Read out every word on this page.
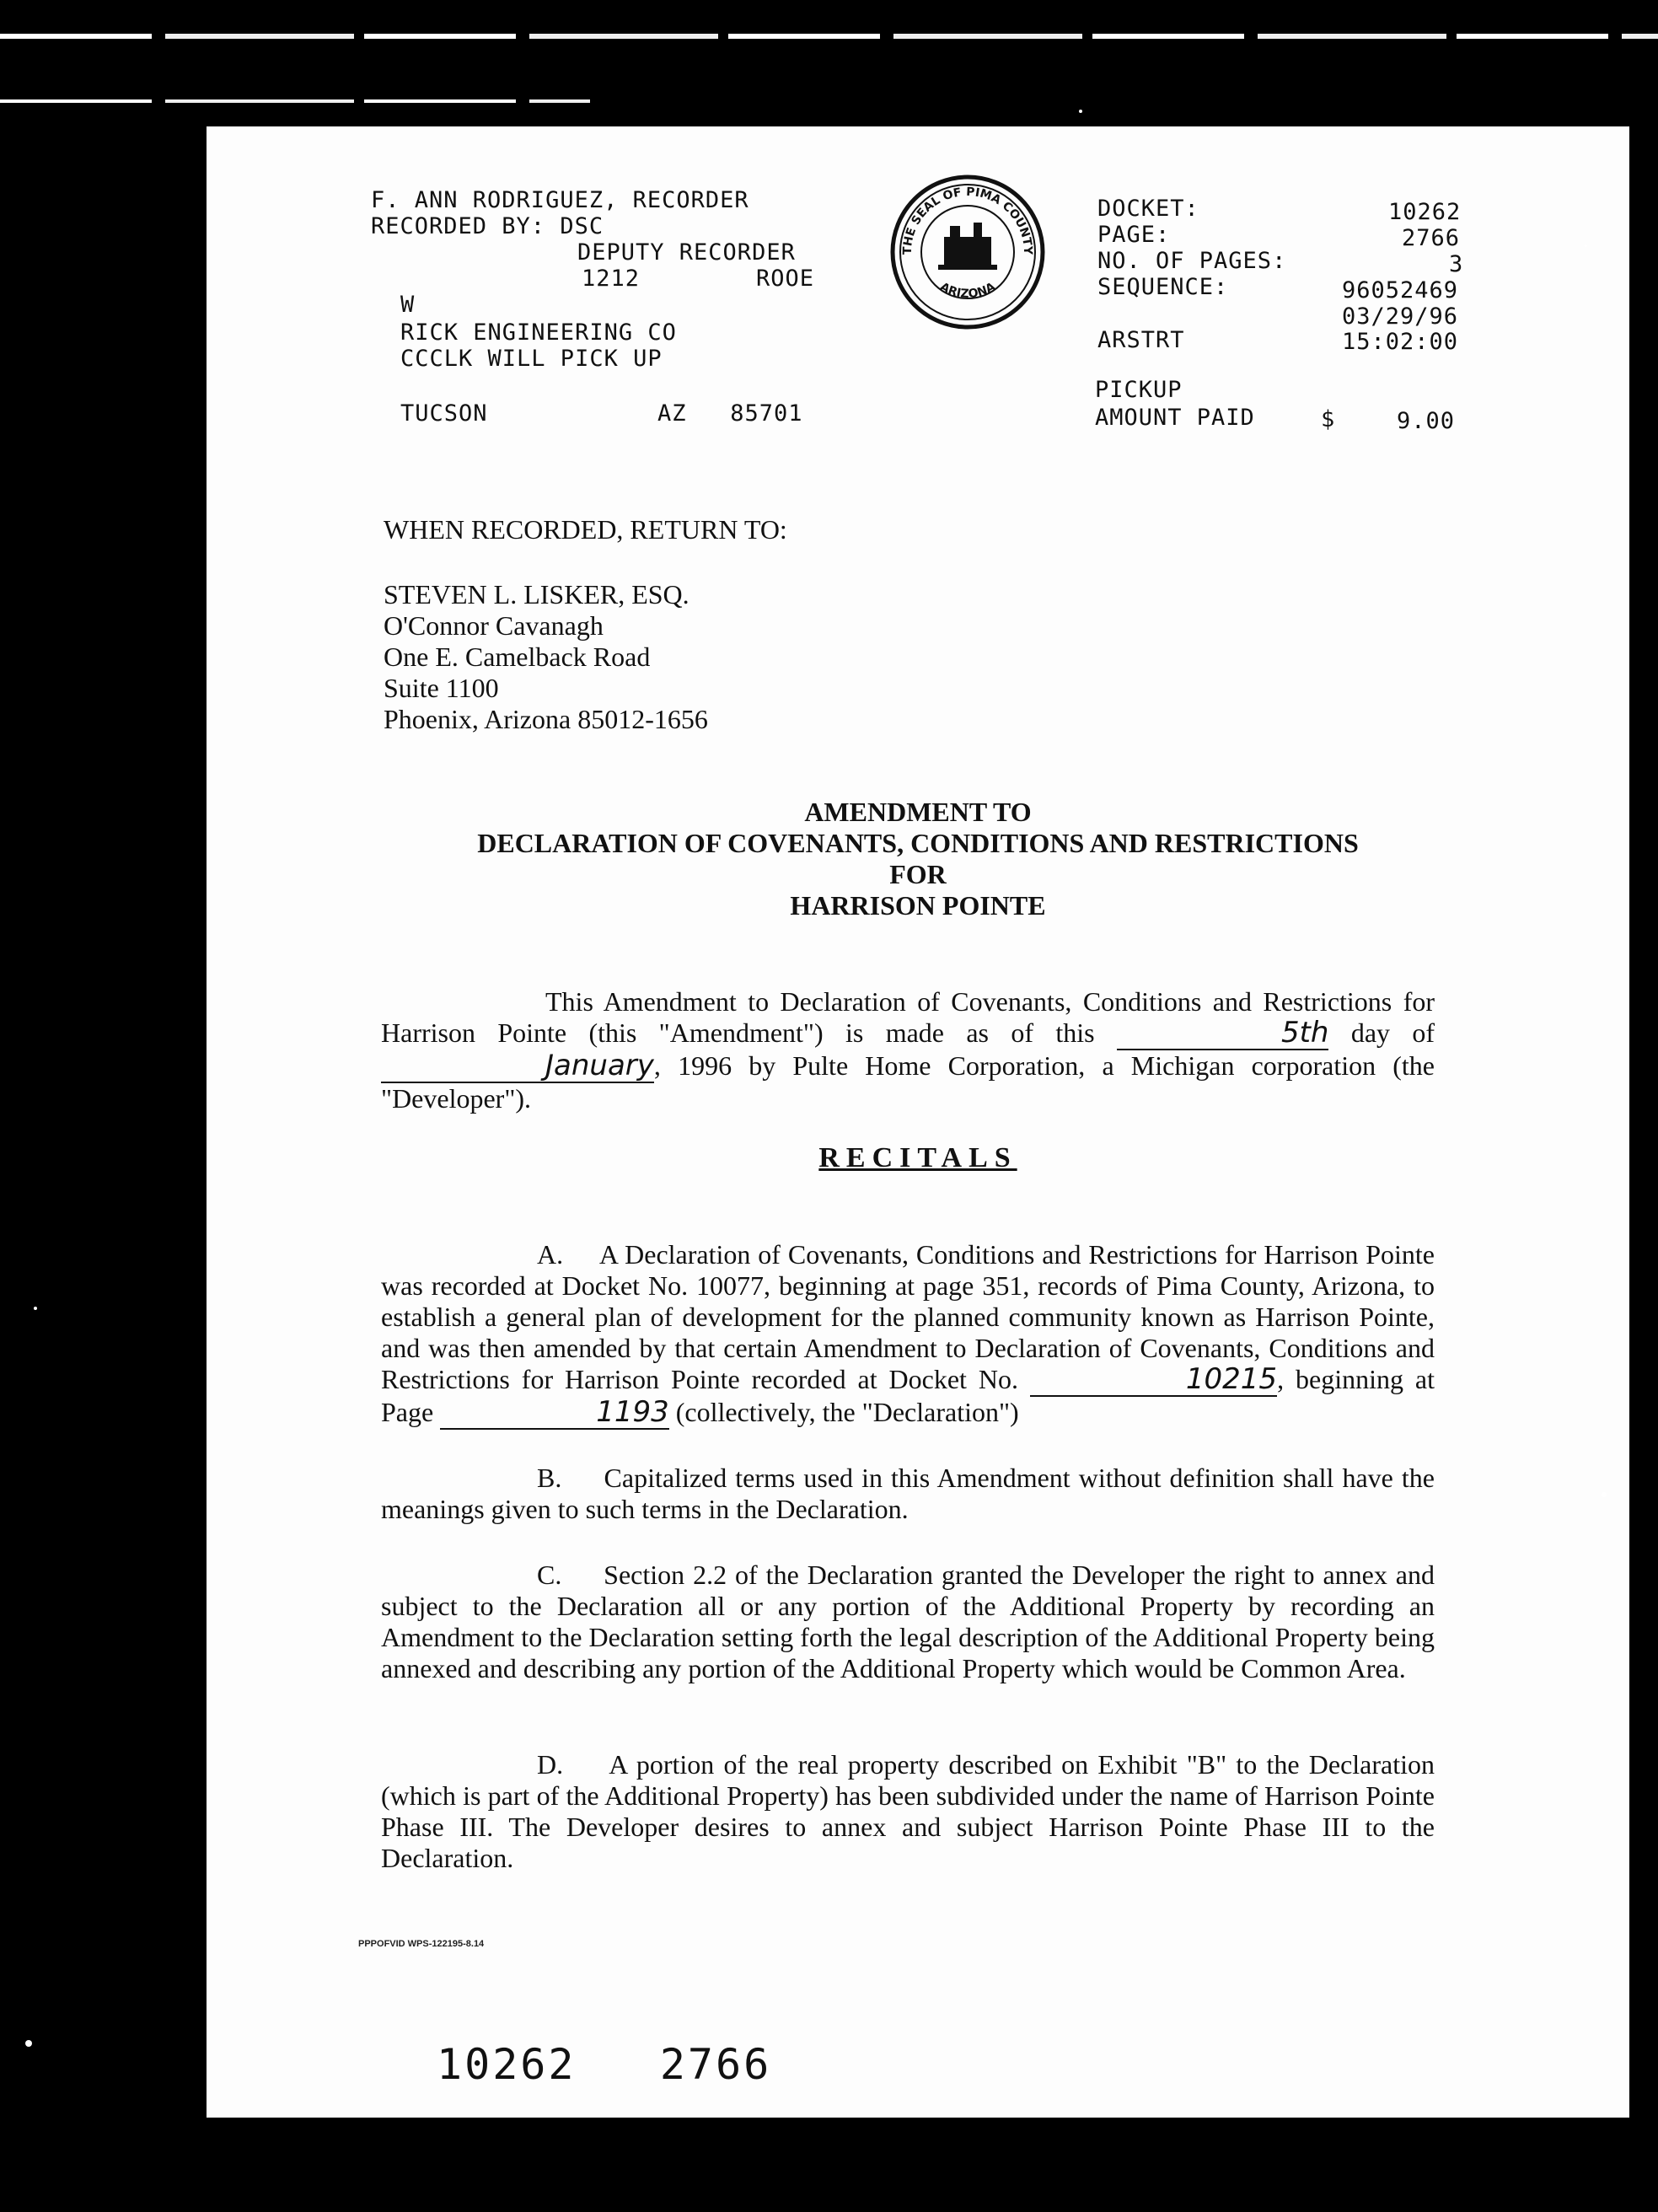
F. ANN RODRIGUEZ, RECORDER
RECORDED BY: DSC
DEPUTY RECORDER
1212	ROOE
W
RICK ENGINEERING CO
CCCLK WILL PICK UP
TUCSON	AZ   85701
THE SEAL OF PIMA COUNTY
ARIZONA
DOCKET:	10262
PAGE:	2766
NO. OF PAGES:	3
SEQUENCE:	96052469
03/29/96
ARSTRT	15:02:00
PICKUP
AMOUNT PAID	$	9.00
WHEN RECORDED, RETURN TO:
STEVEN L. LISKER, ESQ.
O'Connor Cavanagh
One E. Camelback Road
Suite 1100
Phoenix, Arizona 85012-1656
AMENDMENT TO
DECLARATION OF COVENANTS, CONDITIONS AND RESTRICTIONS
FOR
HARRISON POINTE
This Amendment to Declaration of Covenants, Conditions and Restrictions for Harrison Pointe (this "Amendment") is made as of this	5th day of January, 1996 by Pulte Home Corporation, a Michigan corporation (the "Developer").
RECITALS
A. A Declaration of Covenants, Conditions and Restrictions for Harrison Pointe was recorded at Docket No. 10077, beginning at page 351, records of Pima County, Arizona, to establish a general plan of development for the planned community known as Harrison Pointe, and was then amended by that certain Amendment to Declaration of Covenants, Conditions and Restrictions for Harrison Pointe recorded at Docket No.	10215, beginning at Page	1193 (collectively, the "Declaration")
B. Capitalized terms used in this Amendment without definition shall have the meanings given to such terms in the Declaration.
C. Section 2.2 of the Declaration granted the Developer the right to annex and subject to the Declaration all or any portion of the Additional Property by recording an Amendment to the Declaration setting forth the legal description of the Additional Property being annexed and describing any portion of the Additional Property which would be Common Area.
D. A portion of the real property described on Exhibit "B" to the Declaration (which is part of the Additional Property) has been subdivided under the name of Harrison Pointe Phase III. The Developer desires to annex and subject Harrison Pointe Phase III to the Declaration.
PPPOFVID WPS-122195-8.14
10262   2766
